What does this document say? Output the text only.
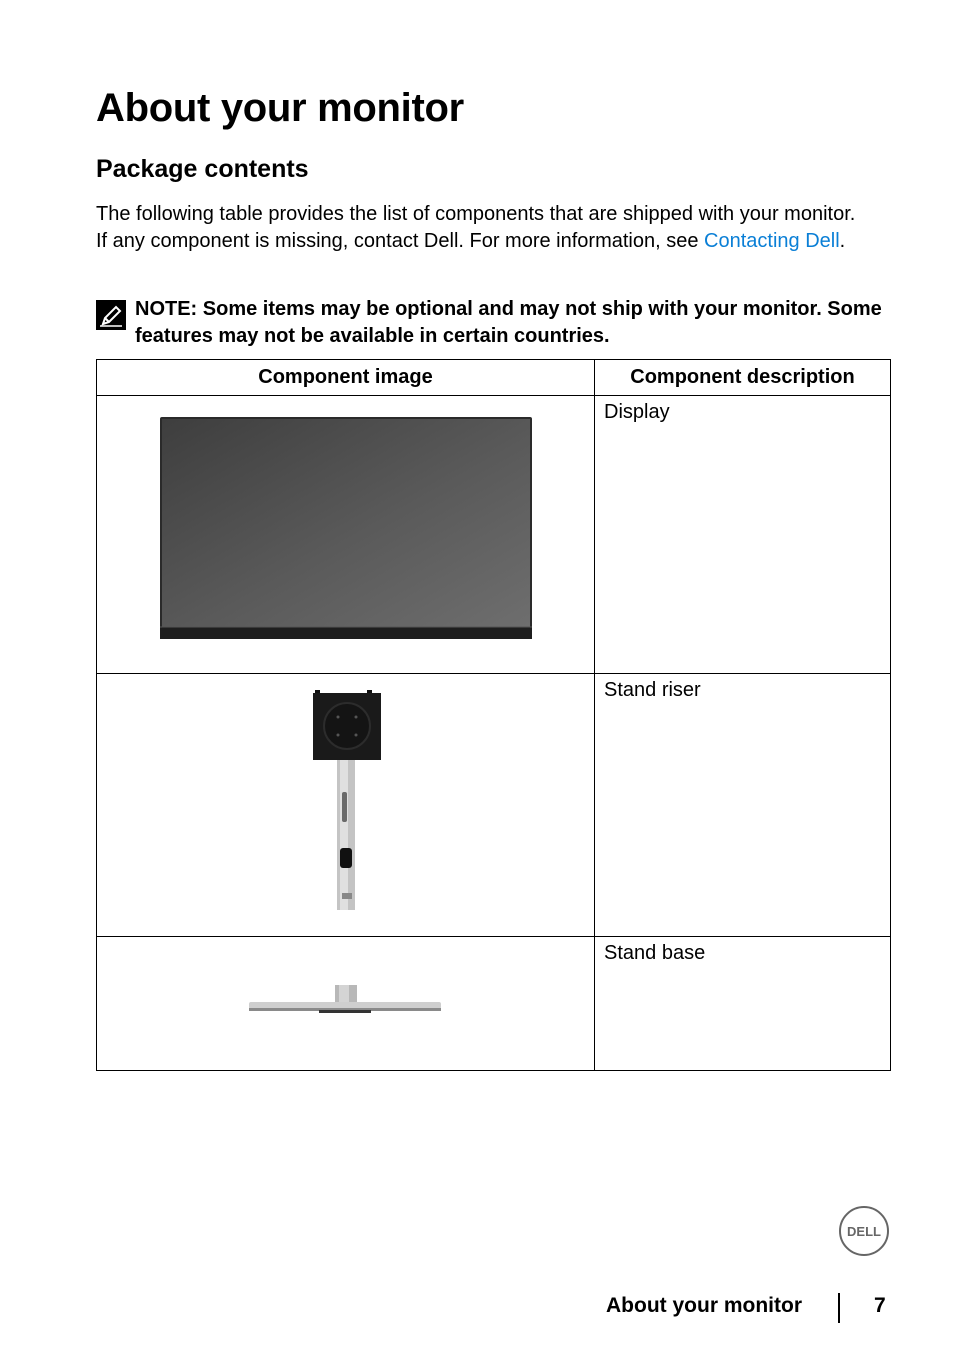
About your monitor
Package contents

The following table provides the list of components that are shipped with your monitor. If any component is missing, contact Dell. For more information, see Contacting Dell.

NOTE: Some items may be optional and may not ship with your monitor. Some features may not be available in certain countries.
Component image	Component description

	Display

	Stand riser

	Stand base
DELL
About your monitor	7
